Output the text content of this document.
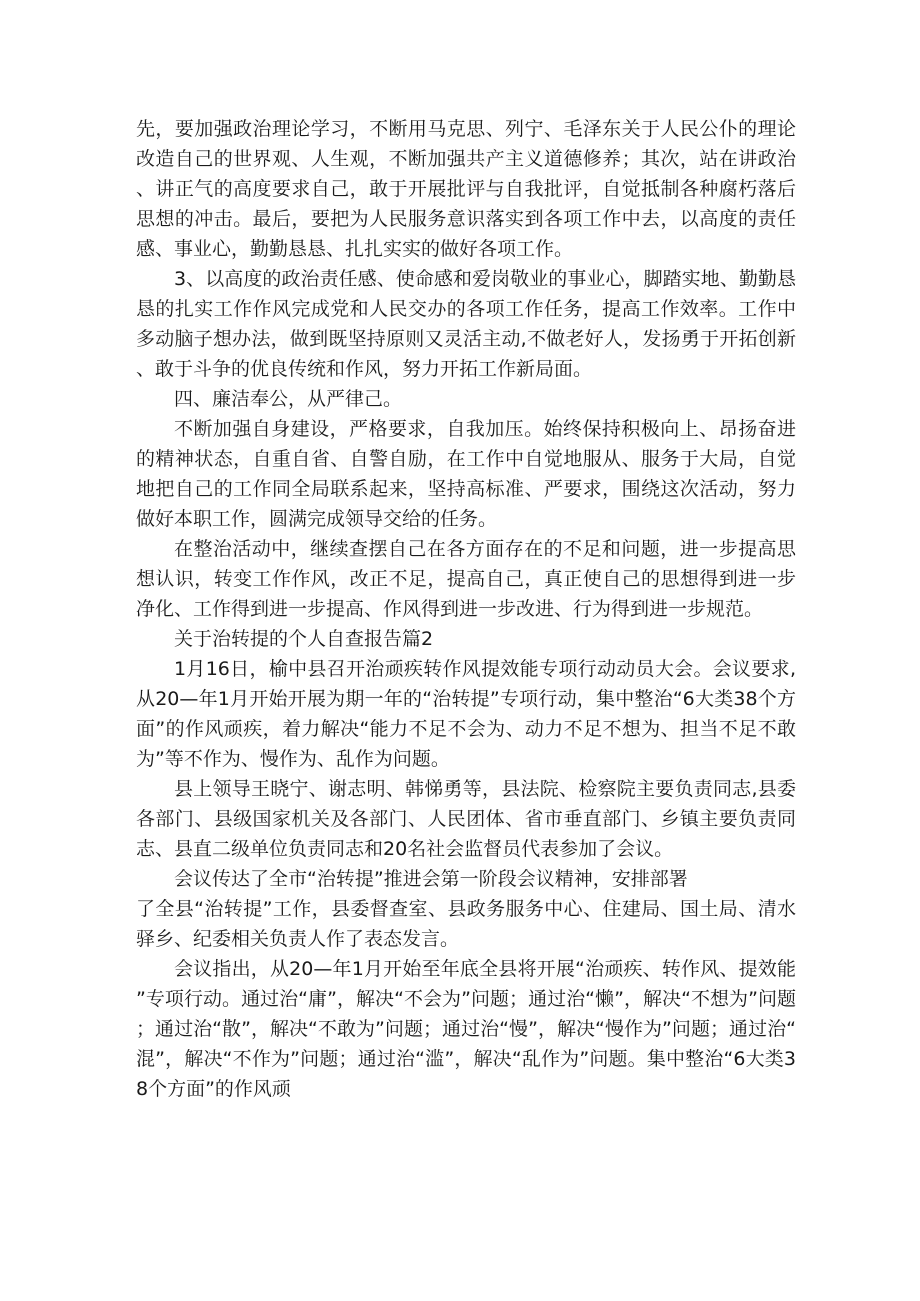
先，要加强政治理论学习，不断用马克思、列宁、毛泽东关于人民公仆的理论改造自己的世界观、人生观，不断加强共产主义道德修养；其次，站在讲政治、讲正气的高度要求自己，敢于开展批评与自我批评，自觉抵制各种腐朽落后思想的冲击。最后，要把为人民服务意识落实到各项工作中去，以高度的责任感、事业心，勤勤恳恳、扎扎实实的做好各项工作。

3、以高度的政治责任感、使命感和爱岗敬业的事业心，脚踏实地、勤勤恳恳的扎实工作作风完成党和人民交办的各项工作任务，提高工作效率。工作中多动脑子想办法，做到既坚持原则又灵活主动,不做老好人，发扬勇于开拓创新、敢于斗争的优良传统和作风，努力开拓工作新局面。

四、廉洁奉公，从严律己。

不断加强自身建设，严格要求，自我加压。始终保持积极向上、昂扬奋进的精神状态，自重自省、自警自励，在工作中自觉地服从、服务于大局，自觉地把自己的工作同全局联系起来，坚持高标准、严要求，围绕这次活动，努力做好本职工作，圆满完成领导交给的任务。

在整治活动中，继续查摆自己在各方面存在的不足和问题，进一步提高思想认识，转变工作作风，改正不足，提高自己，真正使自己的思想得到进一步净化、工作得到进一步提高、作风得到进一步改进、行为得到进一步规范。

关于治转提的个人自查报告篇2

1月16日，榆中县召开治顽疾转作风提效能专项行动动员大会。会议要求,从20—年1月开始开展为期一年的“治转提”专项行动，集中整治“6大类38个方面”的作风顽疾，着力解决“能力不足不会为、动力不足不想为、担当不足不敢为”等不作为、慢作为、乱作为问题。

县上领导王晓宁、谢志明、韩悌勇等，县法院、检察院主要负责同志,县委各部门、县级国家机关及各部门、人民团体、省市垂直部门、乡镇主要负责同志、县直二级单位负责同志和20名社会监督员代表参加了会议。

会议传达了全市“治转提”推进会第一阶段会议精神，安排部署

了全县“治转提”工作，县委督查室、县政务服务中心、住建局、国土局、清水驿乡、纪委相关负责人作了表态发言。

会议指出，从20—年1月开始至年底全县将开展“治顽疾、转作风、提效能”专项行动。通过治“庸”，解决“不会为”问题；通过治“懒”，解决“不想为”问题；通过治“散”，解决“不敢为”问题；通过治“慢”，解决“慢作为”问题；通过治“混”，解决“不作为”问题；通过治“滥”，解决“乱作为”问题。集中整治“6大类38个方面”的作风顽
